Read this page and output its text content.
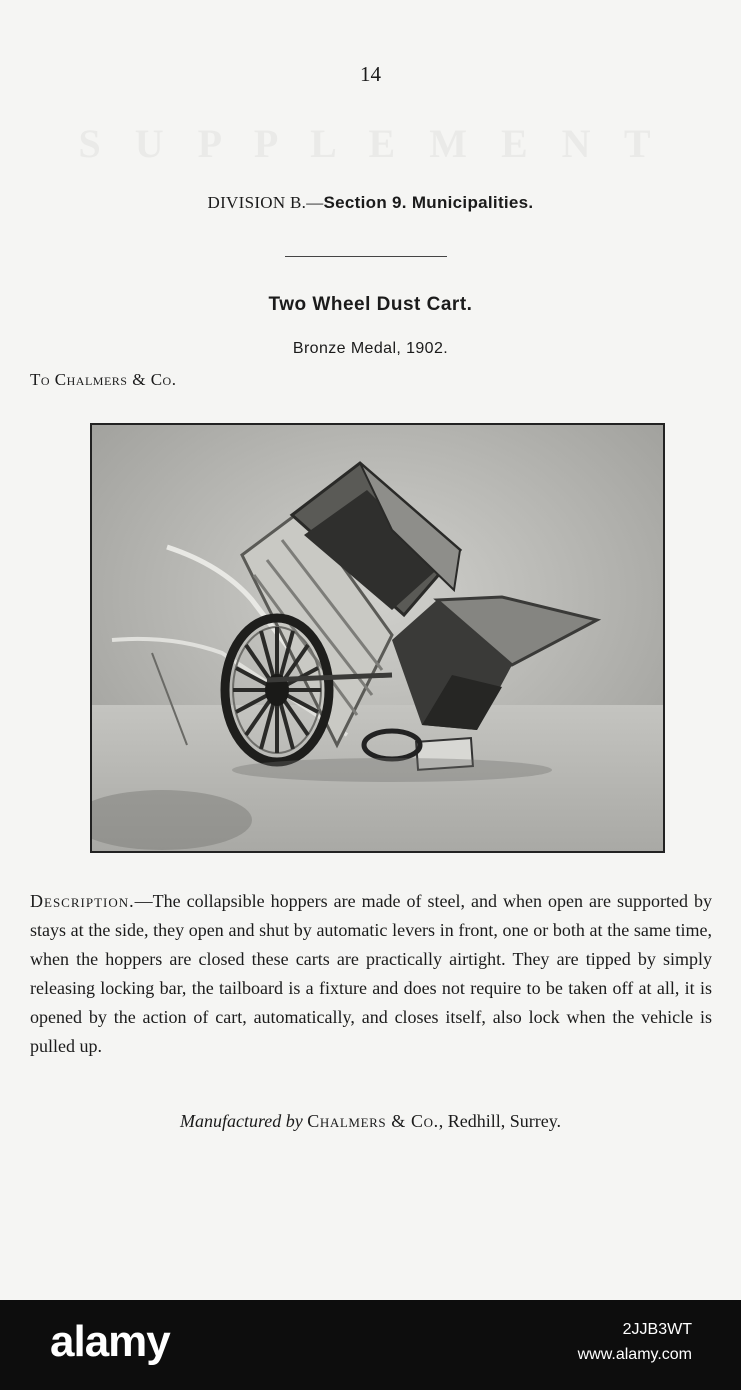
S U P P L E M E N T
14
DIVISION B.—Section 9. Municipalities.
Two Wheel Dust Cart.
Bronze Medal, 1902.
To Chalmers & Co.
Description.—The collapsible hoppers are made of steel, and when open are supported by stays at the side, they open and shut by automatic levers in front, one or both at the same time, when the hoppers are closed these carts are practically airtight. They are tipped by simply releasing locking bar, the tailboard is a fixture and does not require to be taken off at all, it is opened by the action of cart, automatically, and closes itself, also lock when the vehicle is pulled up.
Manufactured by Chalmers & Co., Redhill, Surrey.
alamy	2JJB3WT
www.alamy.com
